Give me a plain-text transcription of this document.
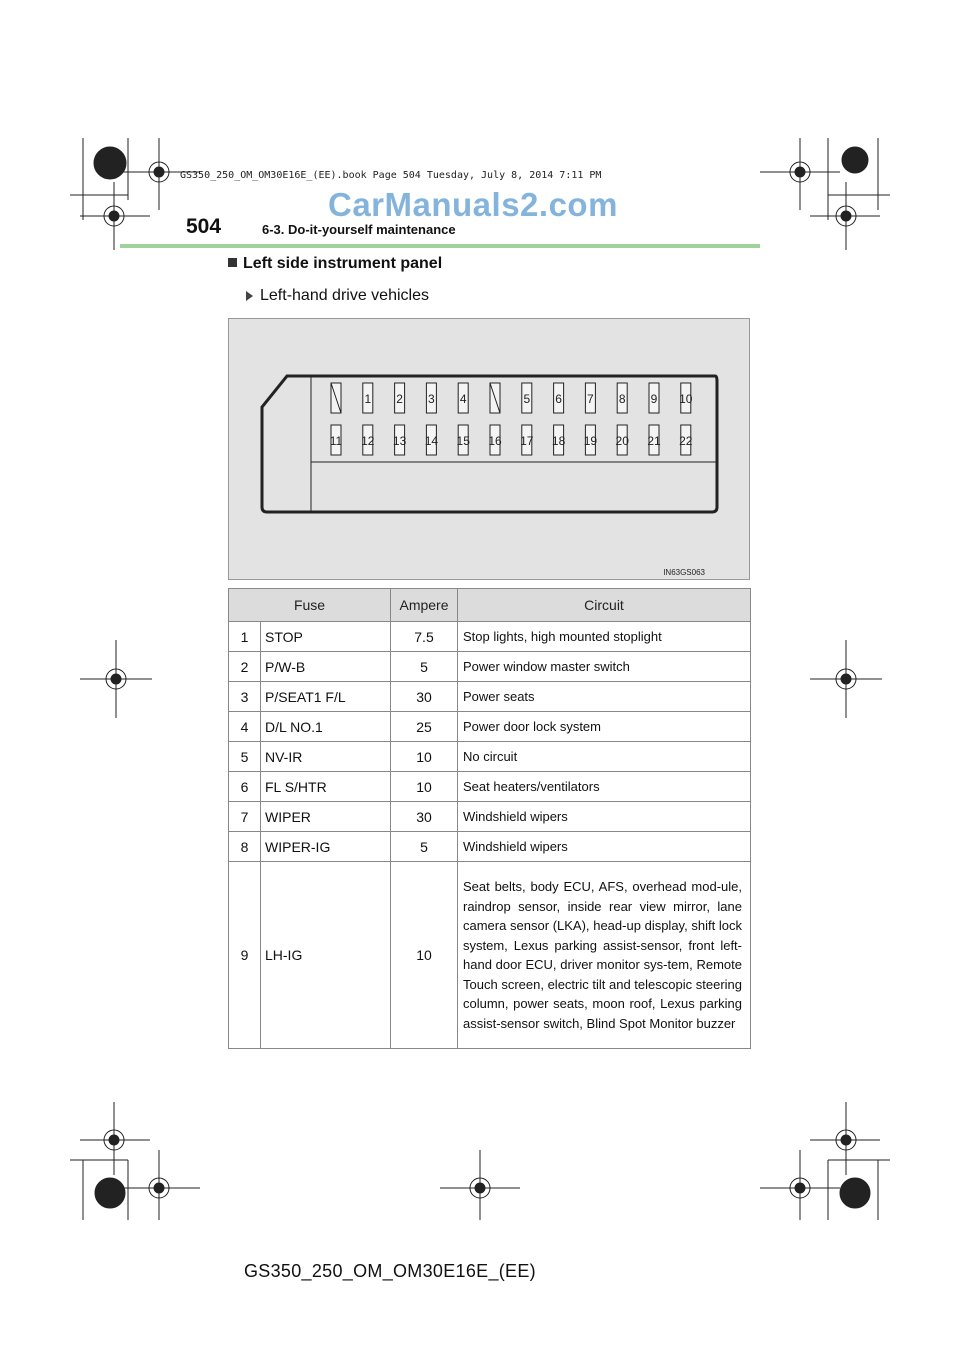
GS350_250_OM_OM30E16E_(EE).book Page 504 Tuesday, July 8, 2014 7:11 PM
CarManuals2.com
504	6-3. Do-it-yourself maintenance
Left side instrument panel
Left-hand drive vehicles
1 2 3 4	5 6 7 8 9 10
11 12 13 14 15 16 17 18 19 20 21 22
IN63GS063
Fuse		Ampere	Circuit
1	STOP	7.5	Stop lights, high mounted stoplight
2	P/W-B	5	Power window master switch
3	P/SEAT1 F/L	30	Power seats
4	D/L NO.1	25	Power door lock system
5	NV-IR	10	No circuit
6	FL S/HTR	10	Seat heaters/ventilators
7	WIPER	30	Windshield wipers
8	WIPER-IG	5	Windshield wipers
9	LH-IG	10	Seat belts, body ECU, AFS, overhead mod-ule, raindrop sensor, inside rear view mirror, lane camera sensor (LKA), head-up display, shift lock system, Lexus parking assist-sensor, front left-hand door ECU, driver monitor sys-tem, Remote Touch screen, electric tilt and telescopic steering column, power seats, moon roof, Lexus parking assist-sensor switch, Blind Spot Monitor buzzer
GS350_250_OM_OM30E16E_(EE)
